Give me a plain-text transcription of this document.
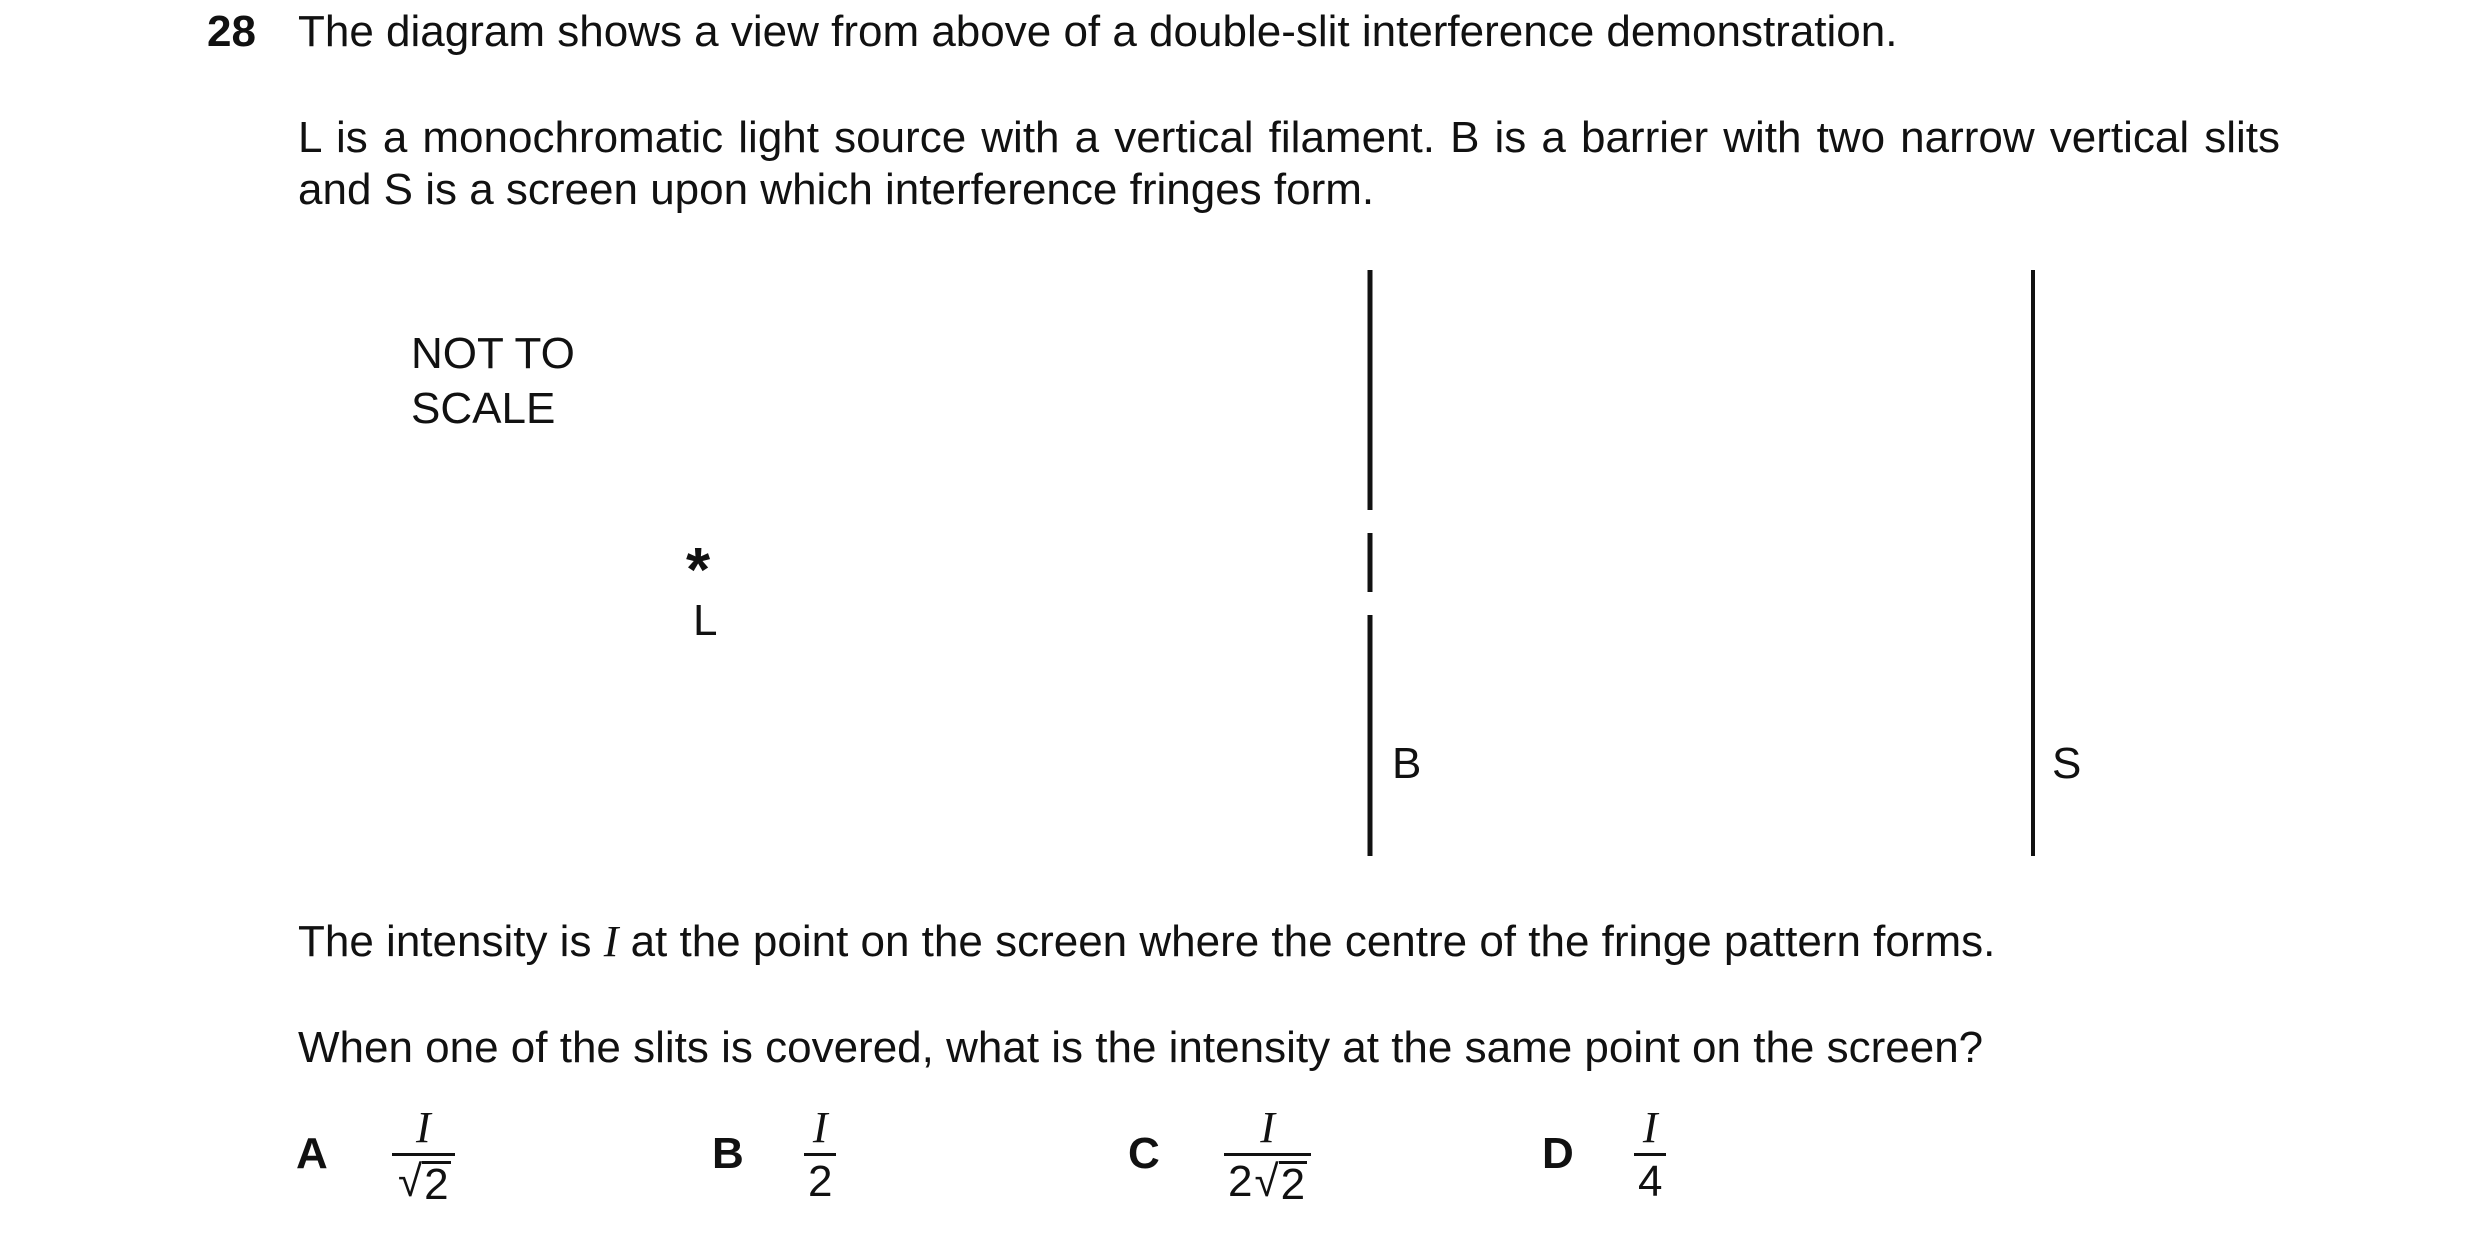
28 The diagram shows a view from above of a double-slit interference demonstration.
L is a monochromatic light source with a vertical filament. B is a barrier with two narrow vertical slits and S is a screen upon which interference fringes form.
NOT TO
SCALE
*
L
B	S
The intensity is I at the point on the screen where the centre of the fringe pattern forms.
When one of the slits is covered, what is the intensity at the same point on the screen?
A
I
√ 2
B
I
2
C
I
2 √ 2
D
I
4
